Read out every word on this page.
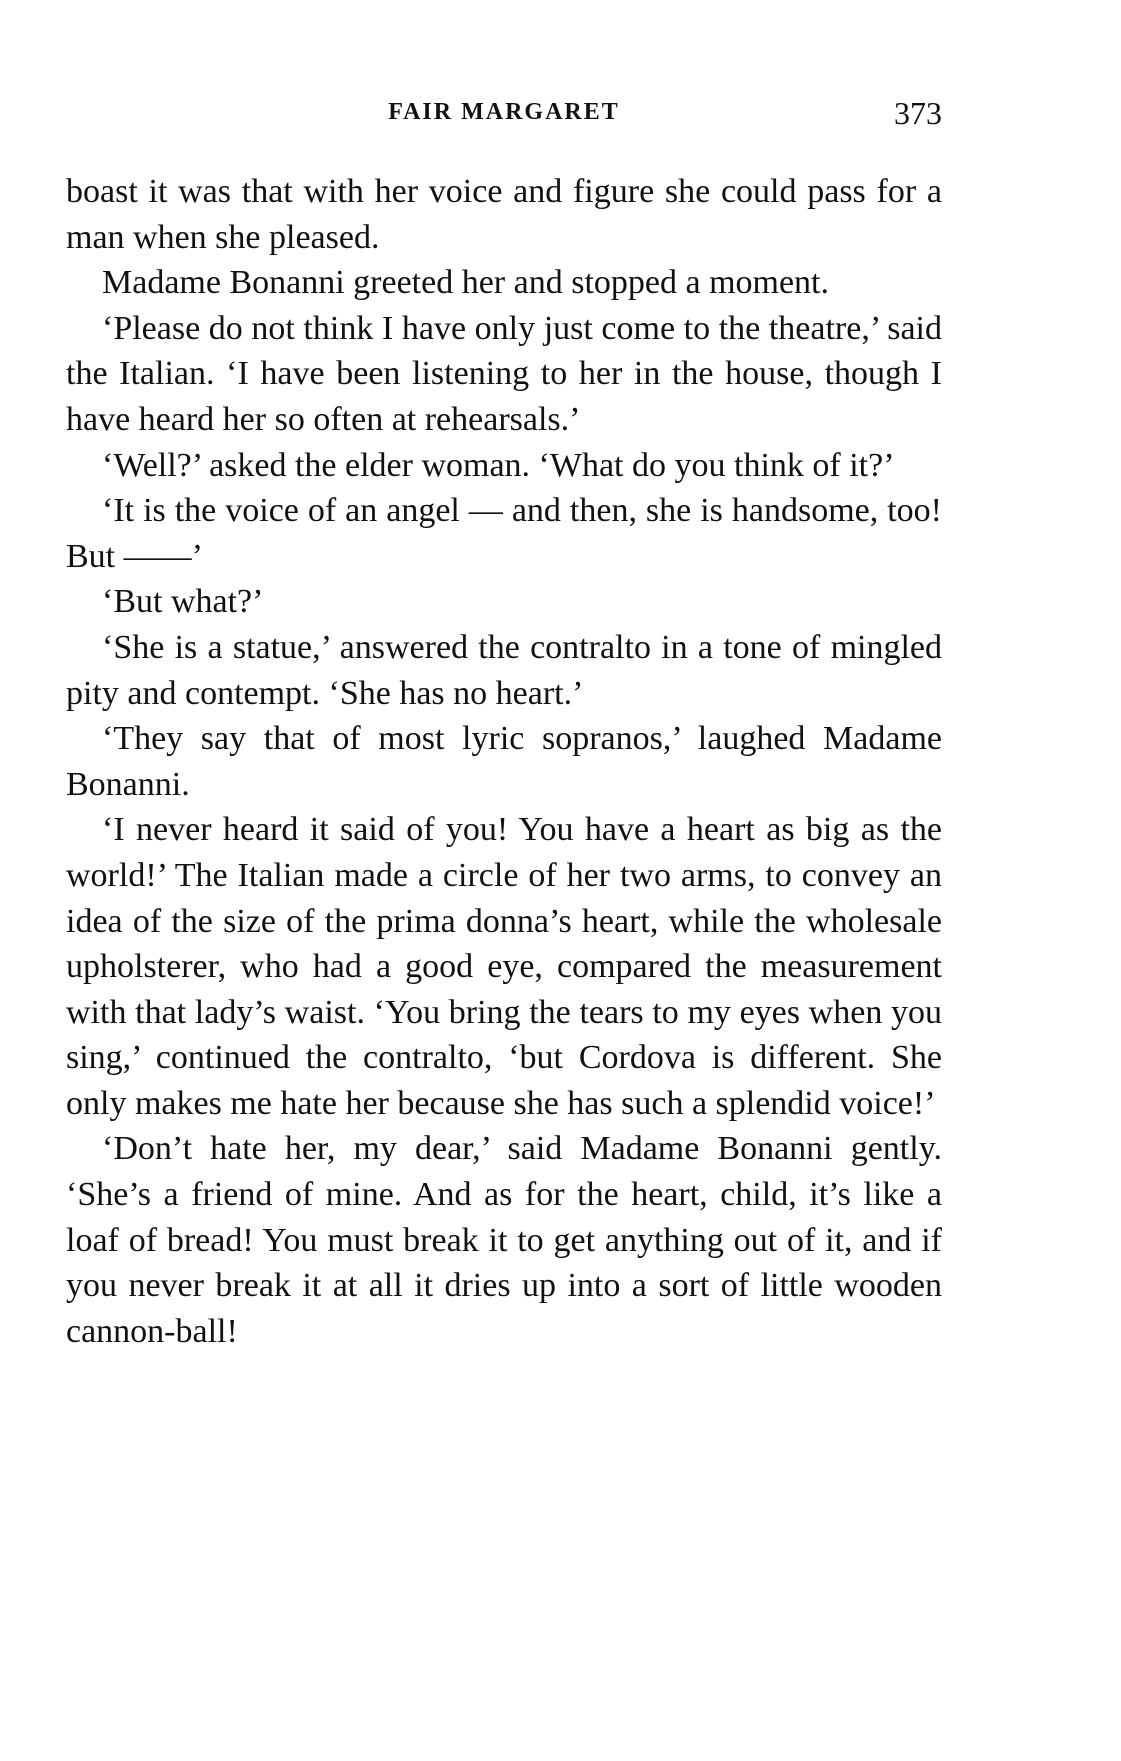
FAIR MARGARET	373

boast it was that with her voice and figure she could pass for a man when she pleased.

Madame Bonanni greeted her and stopped a moment.

‘Please do not think I have only just come to the theatre,’ said the Italian. ‘I have been listening to her in the house, though I have heard her so often at rehearsals.’

‘Well?’ asked the elder woman. ‘What do you think of it?’

‘It is the voice of an angel — and then, she is handsome, too! But ——’

‘But what?’

‘She is a statue,’ answered the contralto in a tone of mingled pity and contempt. ‘She has no heart.’

‘They say that of most lyric sopranos,’ laughed Madame Bonanni.

‘I never heard it said of you! You have a heart as big as the world!’ The Italian made a circle of her two arms, to convey an idea of the size of the prima donna’s heart, while the wholesale upholsterer, who had a good eye, compared the measurement with that lady’s waist. ‘You bring the tears to my eyes when you sing,’ continued the contralto, ‘but Cordova is different. She only makes me hate her because she has such a splendid voice!’

‘Don’t hate her, my dear,’ said Madame Bonanni gently. ‘She’s a friend of mine. And as for the heart, child, it’s like a loaf of bread! You must break it to get anything out of it, and if you never break it at all it dries up into a sort of little wooden cannon-ball!
